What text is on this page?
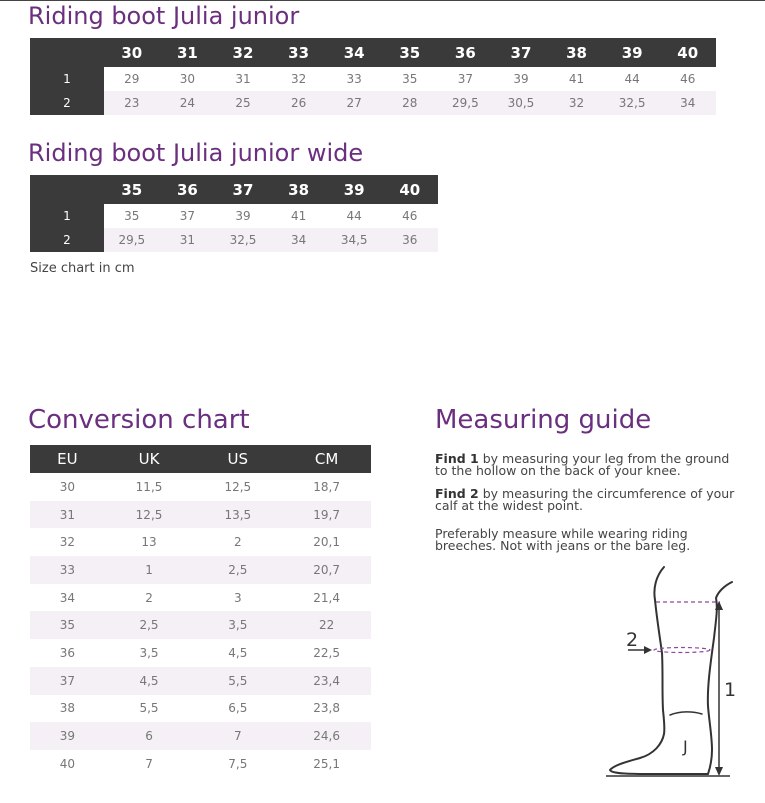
Riding boot Julia junior
	30	31	32	33	34	35	36	37	38	39	40
1	29	30	31	32	33	35	37	39	41	44	46
2	23	24	25	26	27	28	29,5	30,5	32	32,5	34
Riding boot Julia junior wide
	35	36	37	38	39	40
1	35	37	39	41	44	46
2	29,5	31	32,5	34	34,5	36
Size chart in cm
Conversion chart
EU	UK	US	CM
30	11,5	12,5	18,7
31	12,5	13,5	19,7
32	13	2	20,1
33	1	2,5	20,7
34	2	3	21,4
35	2,5	3,5	22
36	3,5	4,5	22,5
37	4,5	5,5	23,4
38	5,5	6,5	23,8
39	6	7	24,6
40	7	7,5	25,1
Measuring guide

Find 1 by measuring your leg from the ground to the hollow on the back of your knee.

Find 2 by measuring the circumference of your calf at the widest point.

Preferably measure while wearing riding breeches. Not with jeans or the bare leg.

2
1
J
